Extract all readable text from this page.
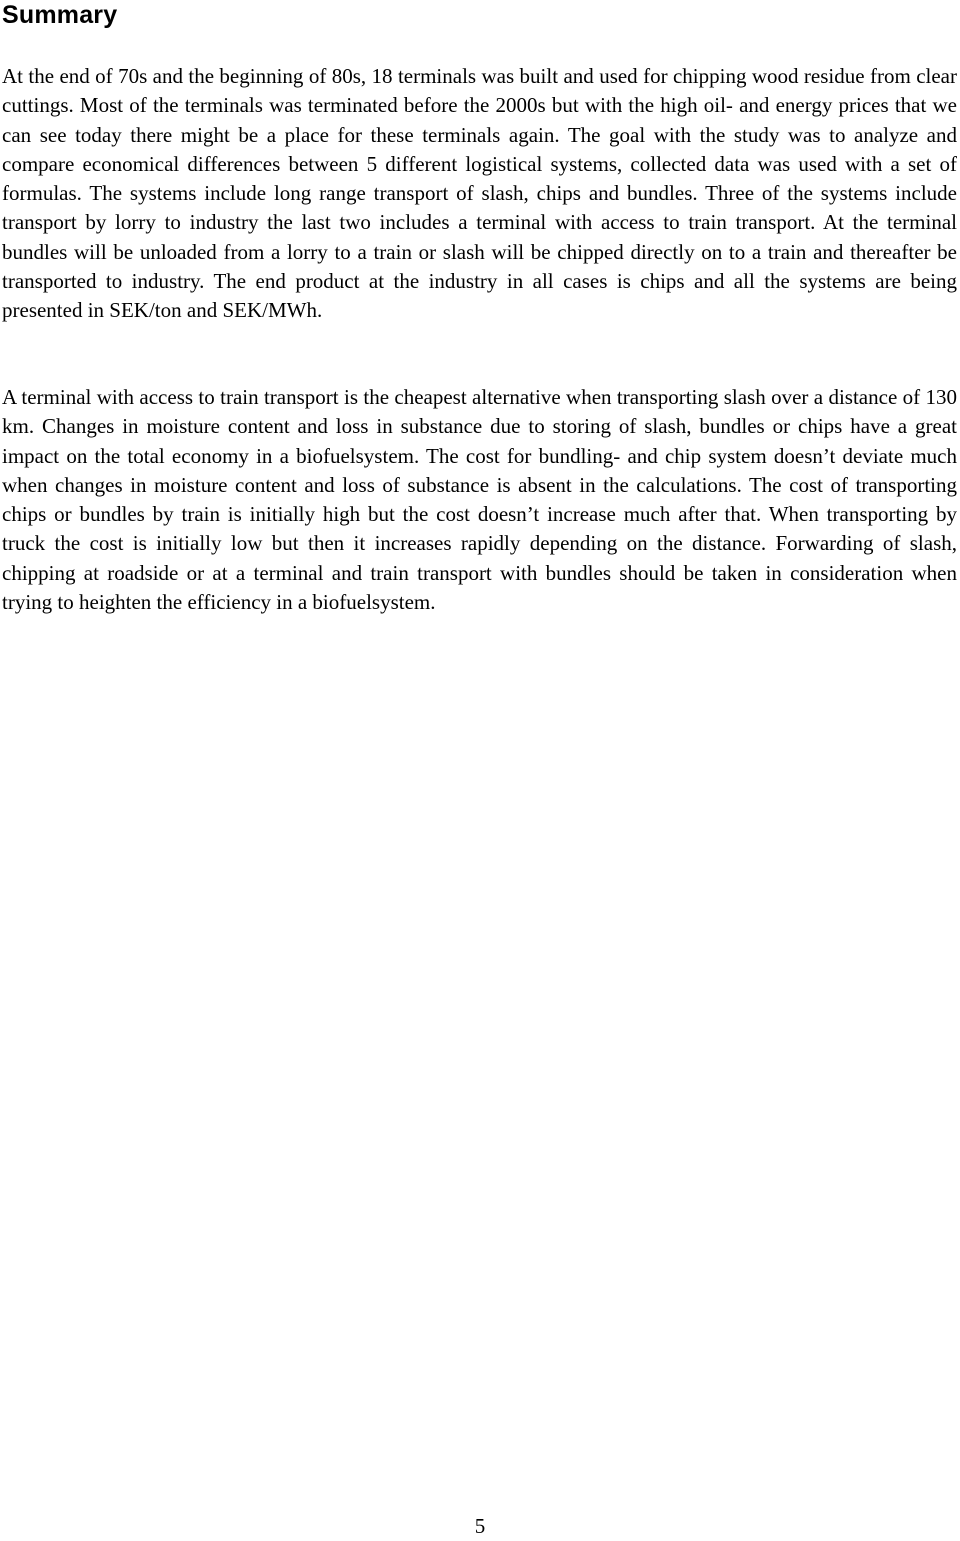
Summary

At the end of 70s and the beginning of 80s, 18 terminals was built and used for chipping wood residue from clear cuttings. Most of the terminals was terminated before the 2000s but with the high oil- and energy prices that we can see today there might be a place for these terminals again. The goal with the study was to analyze and compare economical differences between 5 different logistical systems, collected data was used with a set of formulas. The systems include long range transport of slash, chips and bundles. Three of the systems include transport by lorry to industry the last two includes a terminal with access to train transport. At the terminal bundles will be unloaded from a lorry to a train or slash will be chipped directly on to a train and thereafter be transported to industry. The end product at the industry in all cases is chips and all the systems are being presented in SEK/ton and SEK/MWh.

A terminal with access to train transport is the cheapest alternative when transporting slash over a distance of 130 km. Changes in moisture content and loss in substance due to storing of slash, bundles or chips have a great impact on the total economy in a biofuelsystem. The cost for bundling- and chip system doesn’t deviate much when changes in moisture content and loss of substance is absent in the calculations. The cost of transporting chips or bundles by train is initially high but the cost doesn’t increase much after that. When transporting by truck the cost is initially low but then it increases rapidly depending on the distance. Forwarding of slash, chipping at roadside or at a terminal and train transport with bundles should be taken in consideration when trying to heighten the efficiency in a biofuelsystem.

5
